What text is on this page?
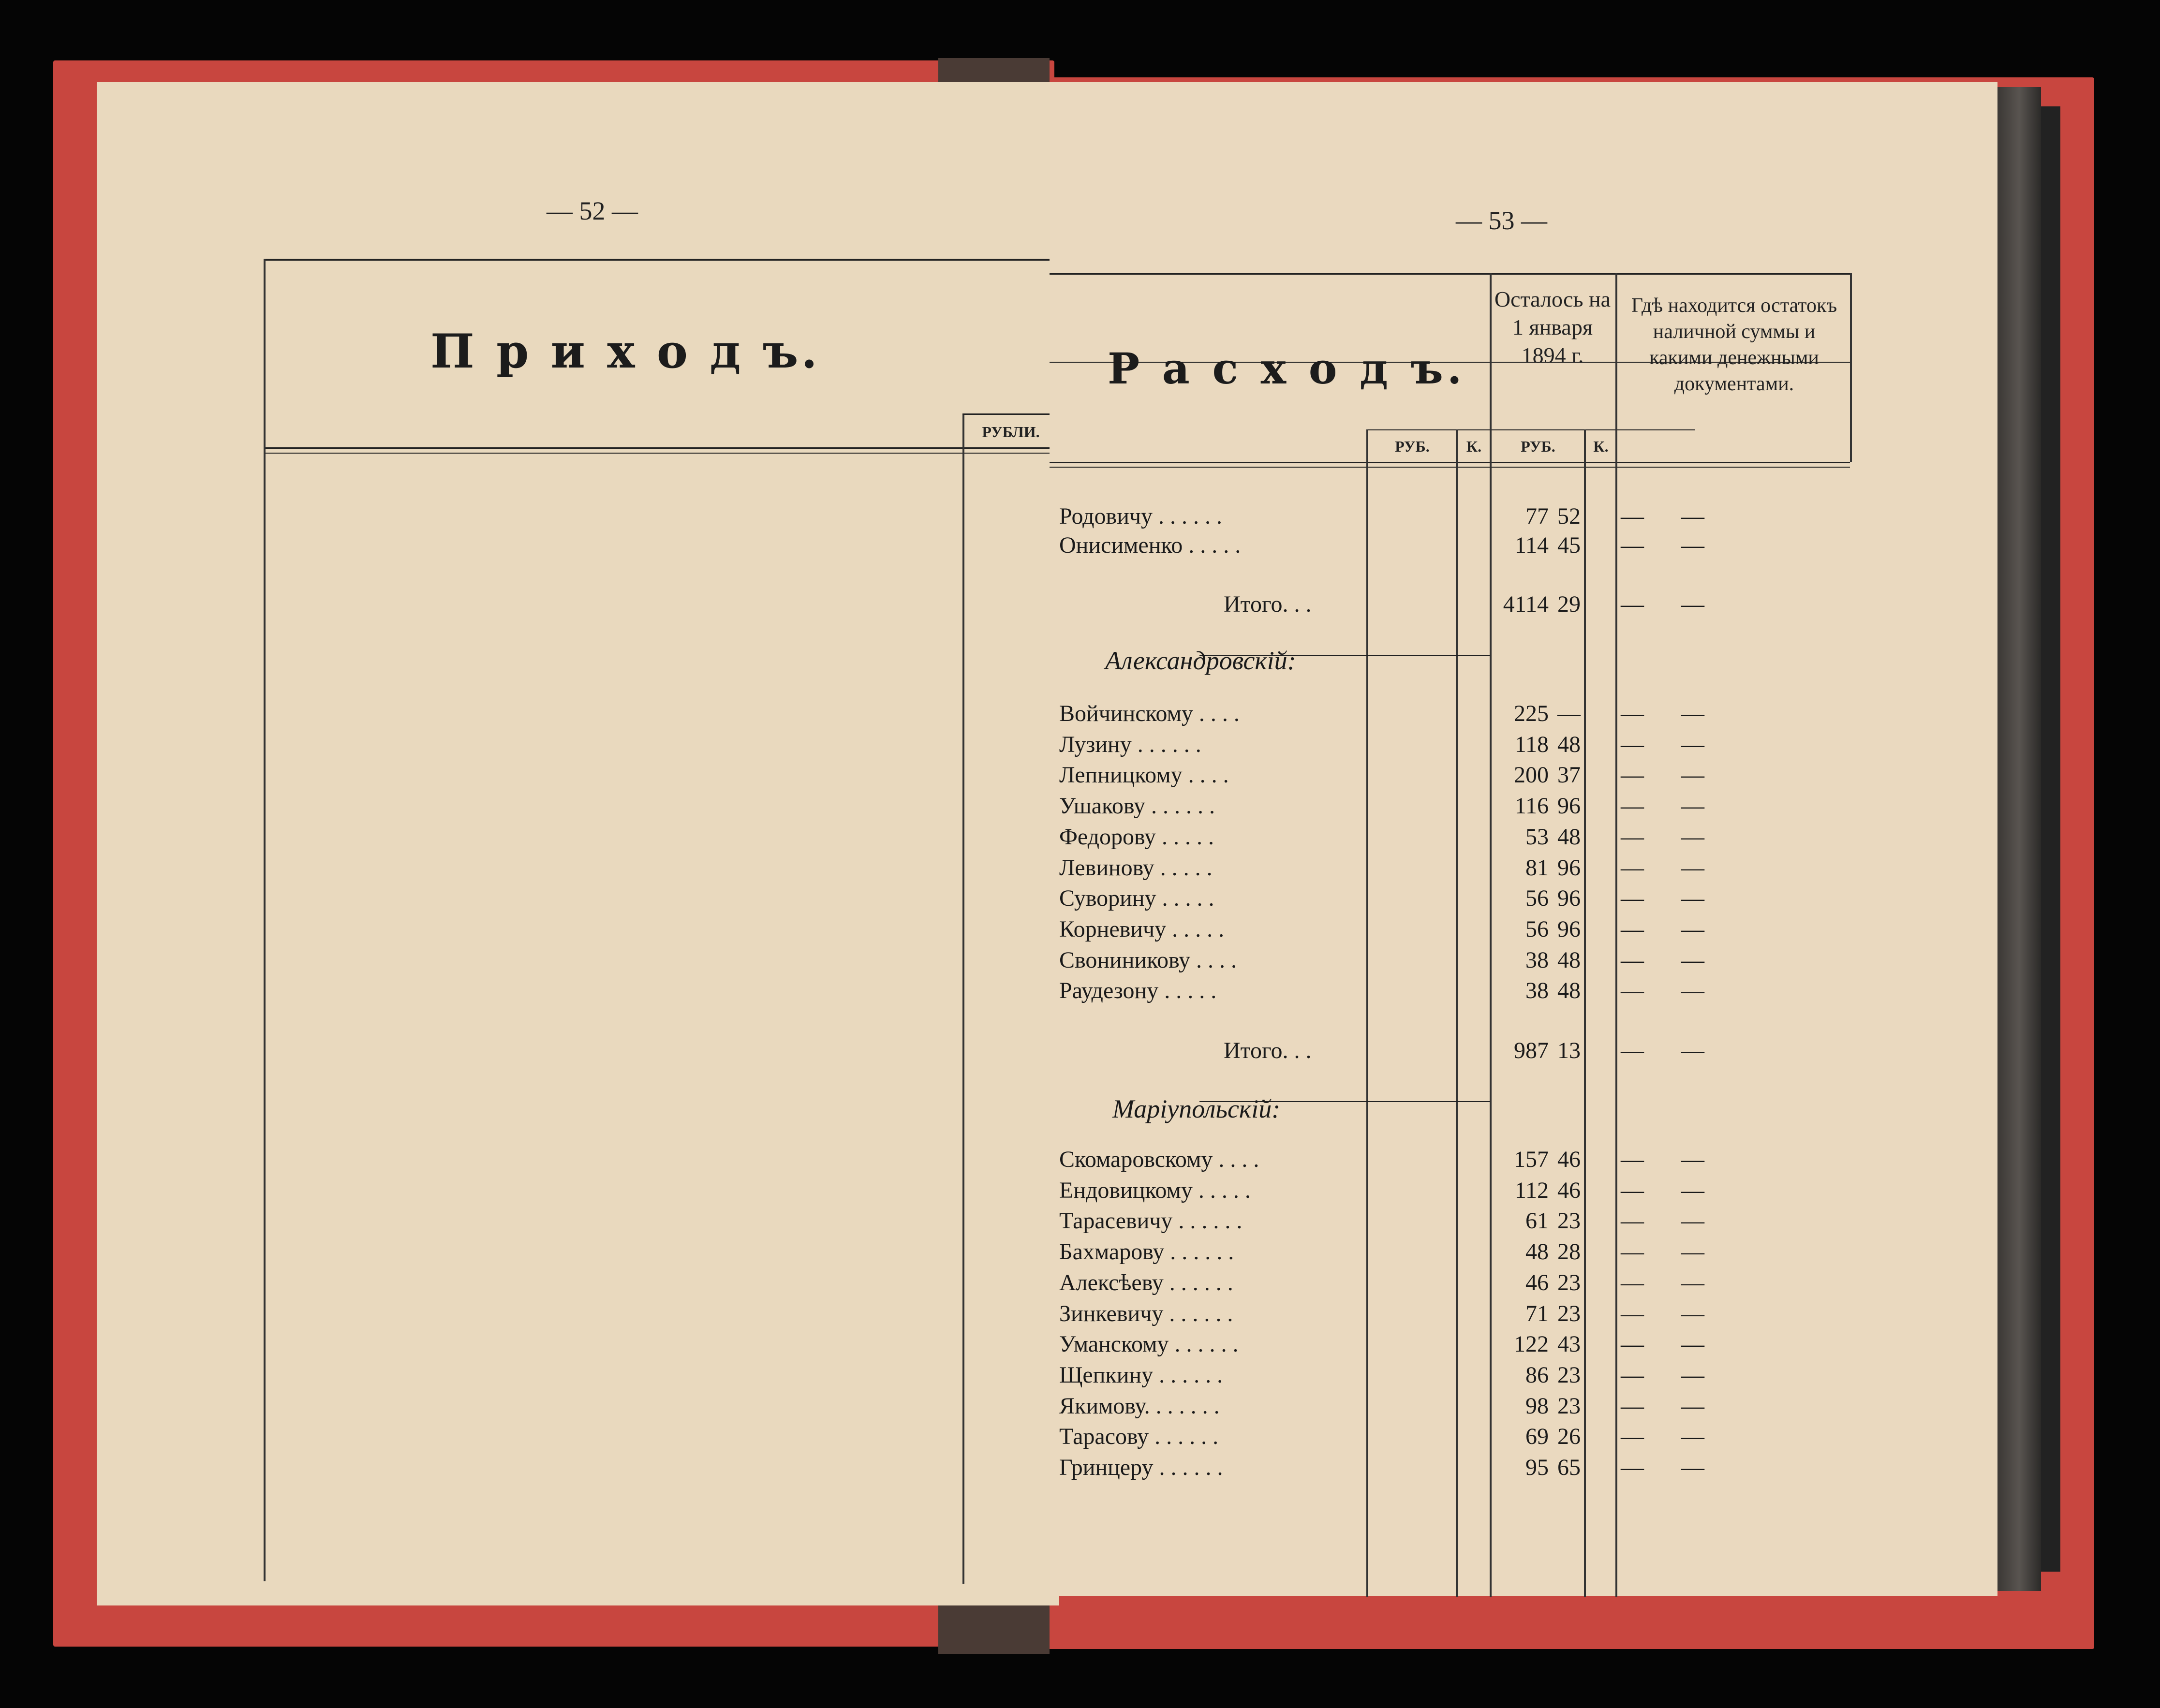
— 52 —
П р и х о д ъ.
РУБЛИ.
— 53 —
Р а с х о д ъ.
Осталось на 1 января 1894 г.
Гдѣ находится остатокъ наличной суммы и какими денежными документами.
РУБ.	К.	РУБ.	К.
Родовичу . . . . . .	77 52	—	—
Онисименко . . . . .	114 45	—	—
Итого. . .	4114 29	—	—
Александровскій:
Войчинскому . . . .	225 —	—	—
Лузину . . . . . .	118 48	—	—
Лепницкому . . . .	200 37	—	—
Ушакову . . . . . .	116 96	—	—
Федорову . . . . .	53 48	—	—
Левинову . . . . .	81 96	—	—
Суворину . . . . .	56 96	—	—
Корневичу . . . . .	56 96	—	—
Свониникову . . . .	38 48	—	—
Раудезону . . . . .	38 48	—	—
Итого. . .	987 13	—	—
Маріупольскій:
Скомаровскому . . . .	157 46	—	—
Ендовицкому . . . . .	112 46	—	—
Тарасевичу . . . . . .	61 23	—	—
Бахмарову . . . . . .	48 28	—	—
Алексѣеву . . . . . .	46 23	—	—
Зинкевичу . . . . . .	71 23	—	—
Уманскому . . . . . .	122 43	—	—
Щепкину . . . . . .	86 23	—	—
Якимову. . . . . . .	98 23	—	—
Тарасову . . . . . .	69 26	—	—
Гринцеру . . . . . .	95 65	—	—
